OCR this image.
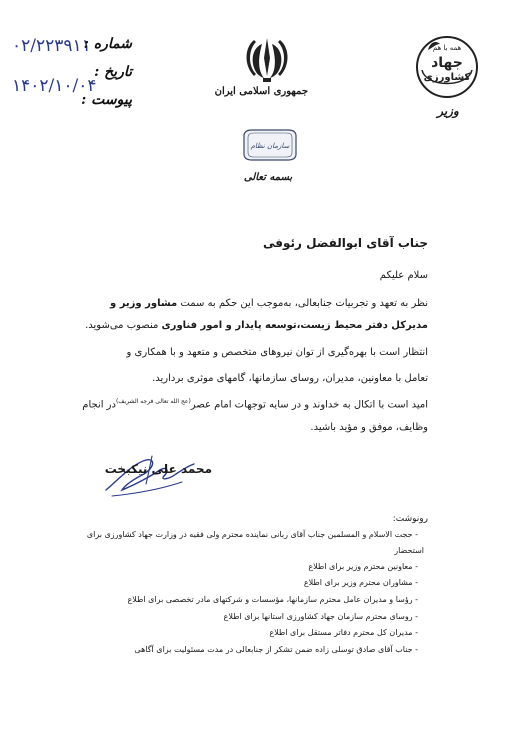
۰۲/۲۲۳۹۱۱
۱۴۰۲/۱۰/۰۴
شماره :
تاریخ :
پیوست :
جمهوری اسلامی ایران
همه با هم
جهاد
کشاورزی
وزیر
سازمان نظام
بسمه تعالی
جناب آقای ابوالفضل رئوفی
سلام علیکم
نظر به تعهد و تجربیات جنابعالی، به‌موجب این حکم به سمت مشاور وزیر و
مدیرکل دفتر محیط زیست،توسعه پایدار و امور فناوری منصوب می‌شوید.
انتظار است با بهره‌گیری از توان نیروهای متخصص و متعهد و با همکاری و
تعامل با معاونین، مدیران، روسای سازمانها، گامهای موثری بردارید.
امید است با اتکال به خداوند و در سایه توجهات امام عصر$^{(عج الله تعالی فرجه الشریف)}$در انجام
وظایف، موفق و مؤید باشید.
محمد علی نیکبخت
رونوشت:
- حجت الاسلام و المسلمین جناب آقای ربانی نماینده محترم ولی فقیه در وزارت جهاد کشاورزی برای
استحضار
- معاونین محترم وزیر برای اطلاع
- مشاوران محترم وزیر برای اطلاع
- رؤسا و مدیران عامل محترم سازمانها، مؤسسات و شرکتهای مادر تخصصی برای اطلاع
- روسای محترم سازمان جهاد کشاورزی استانها برای اطلاع
- مدیران کل محترم دفاتر مستقل برای اطلاع
- جناب آقای صادق توسلی زاده ضمن تشکر از جنابعالی در مدت مسئولیت برای آگاهی
